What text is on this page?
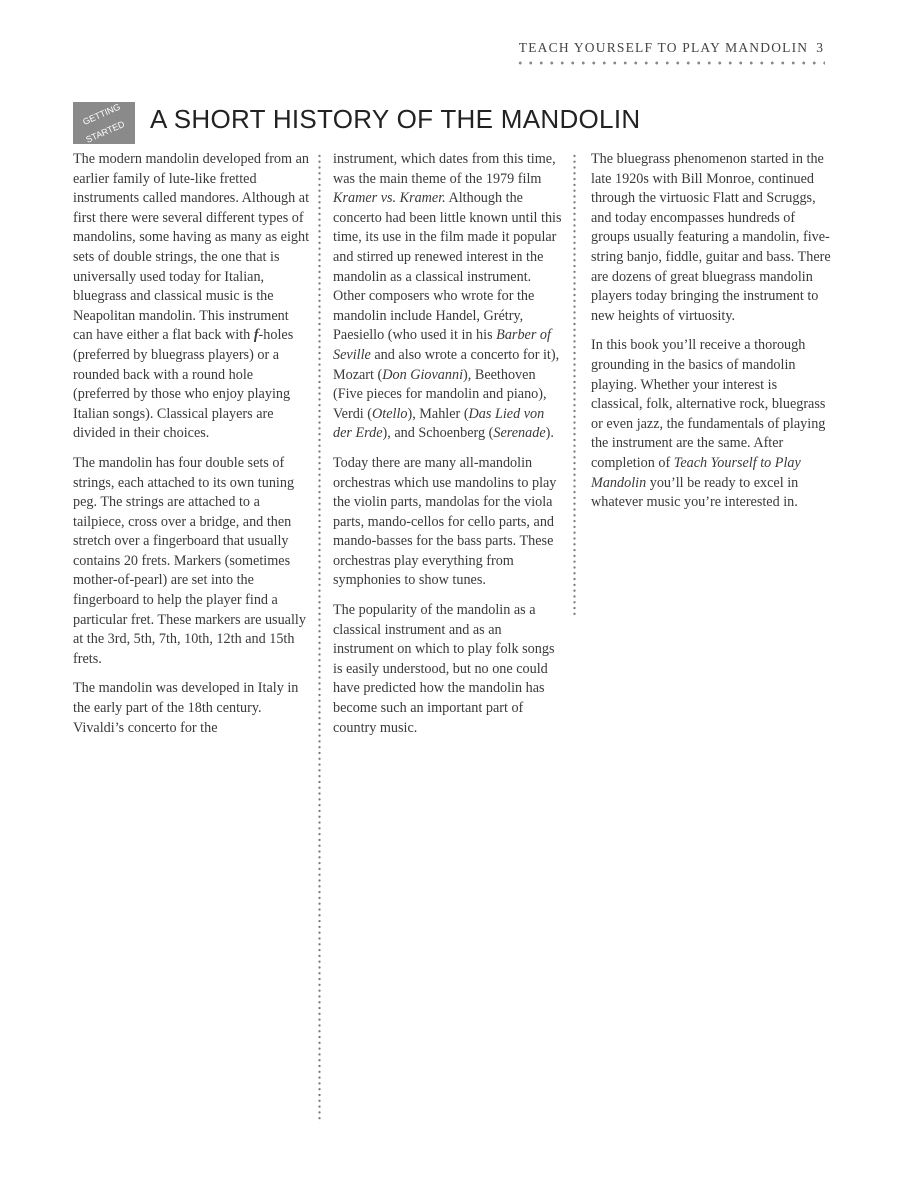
TEACH YOURSELF TO PLAY MANDOLIN 3
GETTING

STARTED A SHORT HISTORY OF THE MANDOLIN

The modern mandolin developed from an earlier family of lute-like fretted instruments called mandores. Although at first there were several different types of mandolins, some having as many as eight sets of double strings, the one that is universally used today for Italian, bluegrass and classical music is the Neapolitan mandolin. This instrument can have either a flat back with f-holes (preferred by bluegrass players) or a rounded back with a round hole (preferred by those who enjoy playing Italian songs). Classical players are divided in their choices.

The mandolin has four double sets of strings, each attached to its own tuning peg. The strings are attached to a tailpiece, cross over a bridge, and then stretch over a fingerboard that usually contains 20 frets. Markers (sometimes mother-of-pearl) are set into the fingerboard to help the player find a particular fret. These markers are usually at the 3rd, 5th, 7th, 10th, 12th and 15th frets.

The mandolin was developed in Italy in the early part of the 18th century. Vivaldi’s concerto for the

instrument, which dates from this time, was the main theme of the 1979 film Kramer vs. Kramer. Although the concerto had been little known until this time, its use in the film made it popular and stirred up renewed interest in the mandolin as a classical instrument. Other composers who wrote for the mandolin include Handel, Grétry, Paesiello (who used it in his Barber of Seville and also wrote a concerto for it), Mozart (Don Giovanni), Beethoven (Five pieces for mandolin and piano), Verdi (Otello), Mahler (Das Lied von der Erde), and Schoenberg (Serenade).

Today there are many all-mandolin orchestras which use mandolins to play the violin parts, mandolas for the viola parts, mando-cellos for cello parts, and mando-basses for the bass parts. These orchestras play everything from symphonies to show tunes.

The popularity of the mandolin as a classical instrument and as an instrument on which to play folk songs is easily understood, but no one could have predicted how the mandolin has become such an important part of country music.

The bluegrass phenomenon started in the late 1920s with Bill Monroe, continued through the virtuosic Flatt and Scruggs, and today encompasses hundreds of groups usually featuring a mandolin, five-string banjo, fiddle, guitar and bass. There are dozens of great bluegrass mandolin players today bringing the instrument to new heights of virtuosity.

In this book you’ll receive a thorough grounding in the basics of mandolin playing. Whether your interest is classical, folk, alternative rock, bluegrass or even jazz, the fundamentals of playing the instrument are the same. After completion of Teach Yourself to Play Mandolin you’ll be ready to excel in whatever music you’re interested in.
